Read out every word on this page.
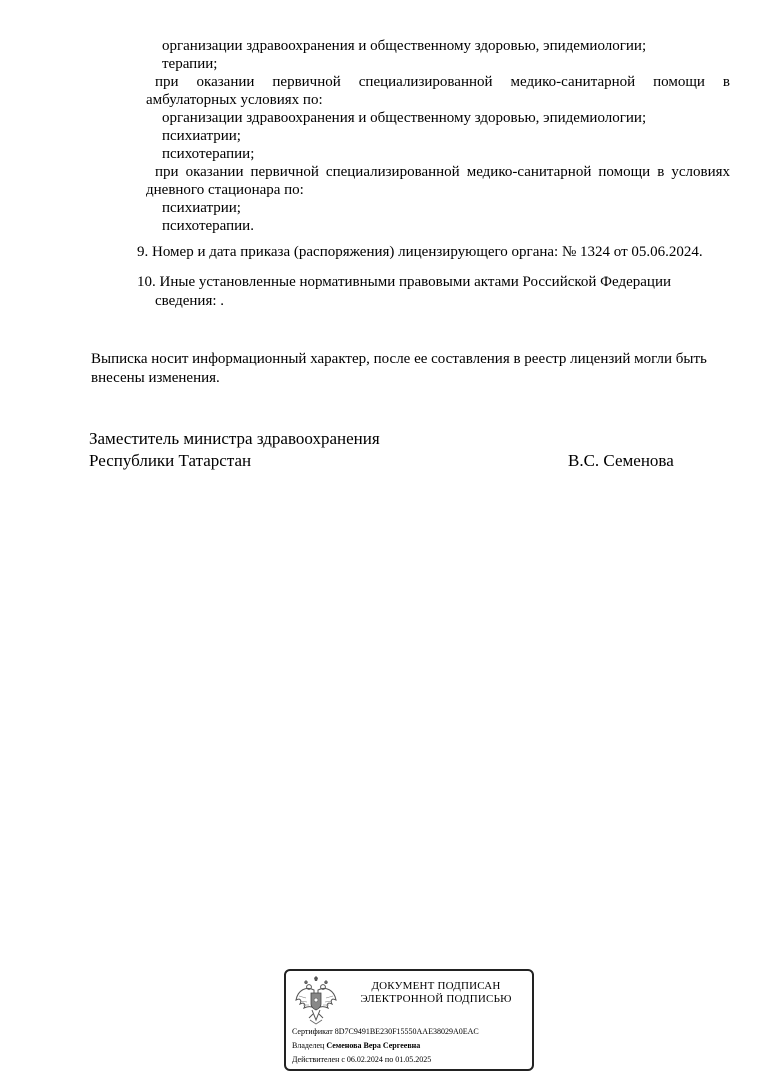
организации здравоохранения и общественному здоровью, эпидемиологии;
терапии;
при оказании первичной специализированной медико-санитарной помощи в
амбулаторных условиях по:
организации здравоохранения и общественному здоровью, эпидемиологии;
психиатрии;
психотерапии;
при оказании первичной специализированной медико-санитарной помощи в условиях
дневного стационара по:
психиатрии;
психотерапии.
9. Номер и дата приказа (распоряжения) лицензирующего органа: № 1324 от 05.06.2024.
10. Иные установленные нормативными правовыми актами Российской Федерации
сведения: .
Выписка носит информационный характер, после ее составления в реестр лицензий могли быть
внесены изменения.
Заместитель министра здравоохранения
Республики Татарстан	В.С. Семенова
ДОКУМЕНТ ПОДПИСАН
ЭЛЕКТРОННОЙ ПОДПИСЬЮ
Сертификат 8D7C9491BE230F15550AAE38029A0EAC
Владелец Семенова Вера Сергеевна
Действителен с 06.02.2024 по 01.05.2025
